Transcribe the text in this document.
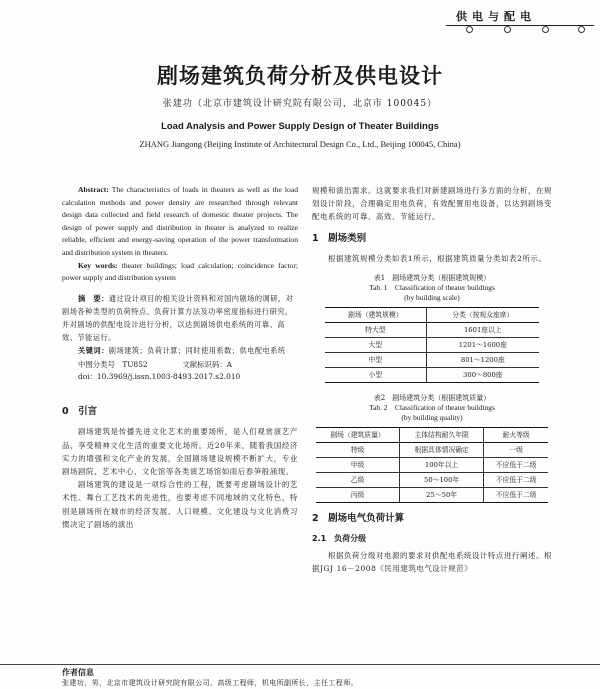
供电与配电
剧场建筑负荷分析及供电设计
张建功（北京市建筑设计研究院有限公司，北京市 100045）
Load Analysis and Power Supply Design of Theater Buildings
ZHANG Jiangong (Beijing Institute of Architectural Design Co., Ltd., Beijing 100045, China)

Abstract: The characteristics of loads in theaters as well as the load calculation methods and power density are researched through relevant design data collected and field research of domestic theater projects. The design of power supply and distribution in theater is analyzed to realize reliable, efficient and energy-saving operation of the power transformation and distribution system in theaters.

Key words: theater buildings; load calculation; coincidence factor; power supply and distribution system

摘　要：通过设计项目的相关设计资料和对国内剧场的调研，对剧场各种类型的负荷特点、负荷计算方法及功率密度指标进行研究，并对剧场的供配电设计进行分析，以达到剧场供电系统的可靠、高效、节能运行。

关键词：剧场建筑；负荷计算；同时使用系数；供电配电系统

中图分类号　TU852	文献标识码：A
doi：10.3969/j.issn.1003-8493.2017.s2.010
0　引言

剧场建筑是传播先进文化艺术的重要场所，是人们观赏演艺产品、享受精神文化生活的重要文化场所。近20年来，随着我国经济实力的增强和文化产业的发展，全国剧场建设规模不断扩大，专业剧场剧院、艺术中心、文化馆等各类演艺场馆如雨后春笋般涌现。

剧场建筑的建设是一项综合性的工程，既要考虑剧场设计的艺术性、舞台工艺技术的先进性，也要考虑不同地域的文化特色，特别是剧场所在城市的经济发展、人口规模、文化建设与文化消费习惯决定了剧场的演出

规模和演出需求。这就要求我们对新建剧场进行多方面的分析，在规划设计阶段，合理确定用电负荷，有效配置用电设备，以达到剧场变配电系统的可靠、高效、节能运行。

1　剧场类别

根据建筑规模分类如表1所示，根据建筑质量分类如表2所示。

表1　剧场建筑分类（根据建筑规模）
Tab. 1　Classification of theater buildings
(by building scale)
剧场（建筑规模）	分类（按观众座席）
特大型	1601座以上
大型	1201～1600座
中型	801～1200座
小型	300～800座
表2　剧场建筑分类（根据建筑质量）
Tab. 2　Classification of theater buildings
(by building quality)
剧场（建筑质量）	主体结构耐久年限	耐火等级
特级	根据具体情况确定	一级
甲级	100年以上	不应低于二级
乙级	50～100年	不应低于二级
丙级	25～50年	不应低于二级
2　剧场电气负荷计算
2.1　负荷分级

根据负荷分级对电源的要求对供配电系统设计特点进行阐述。根据JGJ 16－2008《民用建筑电气设计规范》

作者信息
张建功，男，北京市建筑设计研究院有限公司，高级工程师，机电所副所长，主任工程师。
